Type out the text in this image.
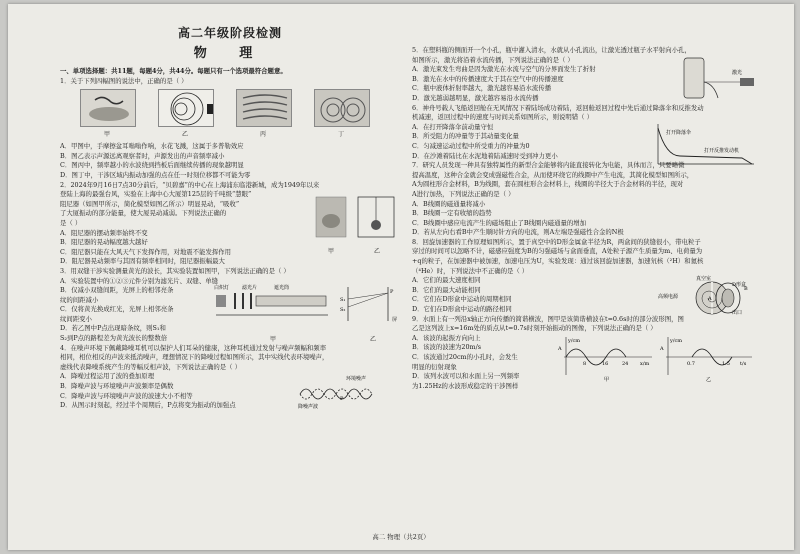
高二年级阶段检测
物 理
一、单项选择题：共11题，每题4分，共44分。每题只有一个选项最符合题意。
1．关于下列四幅图的说法中，正确的是（ ）
甲	乙	丙	丁
A．甲图中，手摩擦盆耳嗡嗡作响，水花飞溅，这属于多普勒效应
B．图乙表示声源远离观察者时，声源发出的声音频率减小
C．图丙中，频率越小的水波绕到挡板后面继续传播的现象越明显
D．图丁中，干涉区域内振动加强的点在任一时刻位移都不可能为零
2．2024年9月16日7点30分前后，“贝碧嘉”的中心在上海浦东临港新城，成为1949年以来
登陆上海的最强台风，实验在上海中心大厦第125层的千吨级“慧眼”
阻尼器（如图甲所示，简化模型如图乙所示）明显晃动，“吸收”
了大厦振动的部分能量，使大厦晃动减弱。下列说法正确的
是（ ）
A．阻尼器的摆动频率始终不变
B．阻尼器的晃动幅度越大越好
C．阻尼器只能在大风天气下发挥作用，对地震不能发挥作用
D．阻尼器晃动频率与其固有频率相同时，阻尼器振幅最大
甲	乙
3．用双缝干涉实验测量黄光的波长，其实验装置如图甲，下列说法正确的是（ ）
A．实验装置中的①②③元件分别为滤光片、双缝、单缝
B．仅减小双缝间距，光屏上的相邻亮条
纹的间距减小
C．仅将黄光换成红光，光屏上相邻亮条
纹间距变小
D．若乙图中P点出现暗条纹，则S₁和
S₂到P点的路程差为黄光波长的整数倍
白炽灯	滤光片	遮光筒
P
S₁
S₂
屏
甲	乙
4．在噪声环境下佩戴降噪耳机可以保护人们耳朵的健康，这种耳机通过发射与噪声频幅和频率
相同，相位相反的声波来抵消噪声，理想情况下的降噪过程如图所示，其中实线代表环境噪声，
虚线代表降噪系统产生的等幅反相声波，下列说法正确的是（ ）
A．降噪过程运用了波的叠加原理
B．降噪声波与环境噪声声波频率是偶数
C．降噪声波与环境噪声声波的波速大小不相等
D．从图示时刻起，经过半个周期后，P点将变为振动的加强点
环境噪声
降噪声波
P
5．在塑料瓶的侧面开一个小孔，瓶中灌入清水，水就从小孔流出，让激光透过瓶子水平射向小孔，
如图所示，激光将沿着水流传播，下列说法正确的是（ ）
A．激光束发生弯曲是因为激光在水流与空气的分界面发生了折射
B．激光在水中的传播速度大于其在空气中的传播速度
C．瓶中液体折射率越大，激光越容易沿水流传播
D．激光越弱越明显，激光越容易沿水流传播
激光
6．神舟号载人飞船返回舱在无风情况下着陆场成功着陆，返回舱返回过程中先后通过降落伞和反推发动
机减速，返回过程中的速度与时间关系如图所示，则说明错（ ）
A．在打开降落伞前动量守恒
B．所受阻力的冲量等于其动量变化量
C．匀减速运动过程中所受重力的冲量为0
D．在沙滩着陆比在水泥地着陆减速时受到冲力更小
打开降落伞
打开反推发动机
7．研究人员发现一种具有独特属性的新型合金能够将内能直接转化为电能，具体而言，只要略微
提高温度，这种合金就会变成强磁性合金，从而使环绕它的线圈中产生电流，其简化模型如图所示，
A为圆柱形合金材料，B为线圈，套在圆柱形合金材料上，线圈的半径大于合金材料的半径，现对
A进行加热，下列说法正确的是（ ）
A．B线圈的磁通量将减小
B．B线圈一定有收缩的趋势
C．B线圈中感应电流产生的磁场阻止了B线圈内磁通量的增加
D．若从左向右看B中产生顺时针方向的电流，则A左端是强磁性合金的N极
8．回旋加速器的工作原理如图所示，置于真空中的D形金属盒半径为R，两盒间的狭缝很小，带电粒子
穿过的时间可以忽略不计，磁感应强度为B的匀强磁场与盒面垂直，A处粒子源产生质量为m、电荷量为
+q的粒子，在加速器中被加速，加速电压为U，实验发现：通过该回旋加速器，加速氘核（²H）和氦核
（⁴He）时，下列说法中不正确的是（ ）
A．它们的最大速度相同
B．它们的最大动能相同
C．它们在D形盒中运动的周期相同
D．它们在D形盒中运动的路径相同
真空室
高频电源
D形盒
出口
A
B
9．水面上有一列沿x轴正方向传播的简谐横波，图甲是该简谐横波在t=0.6s时的部分波形图，图
乙是这列波上x=16m处的质点从t=0.7s时刻开始振动的图像，下列说法正确的是（ ）
A．该波的起振方向向上
B．该波的波速为20m/s
C．该波通过20cm的小孔时，会发生
明显的衍射现象
D．该列水波可以和水面上另一列频率
为1.25Hz的水波形成稳定的干涉图样
y/cm
x/m
8	16	24
A
甲
y/cm
t/s
0.7	1.5
A
乙
高二 物理（共2页）
